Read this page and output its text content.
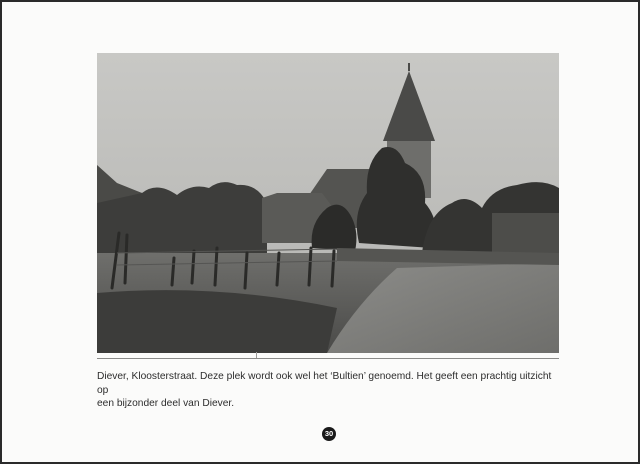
Diever, Kloosterstraat. Deze plek wordt ook wel het ‘Bultien’ genoemd. Het geeft een prachtig uitzicht op
een bijzonder deel van Diever.

30
